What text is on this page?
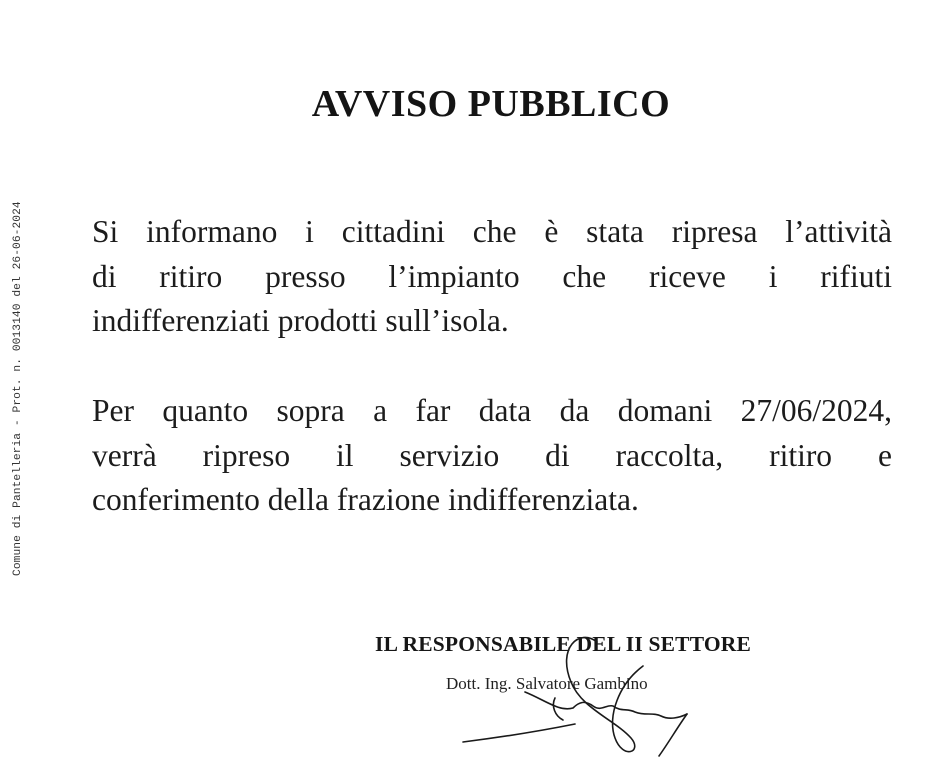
Comune di Pantelleria - Prot. n. 0013140 del 26-06-2024
AVVISO PUBBLICO

Si informano i cittadini che è stata ripresa l’attività
di ritiro presso l’impianto che riceve i rifiuti
indifferenziati prodotti sull’isola.

Per quanto sopra a far data da domani 27/06/2024,
verrà ripreso il servizio di raccolta, ritiro e
conferimento della frazione indifferenziata.

IL RESPONSABILE DEL II SETTORE
Dott. Ing. Salvatore Gambino
